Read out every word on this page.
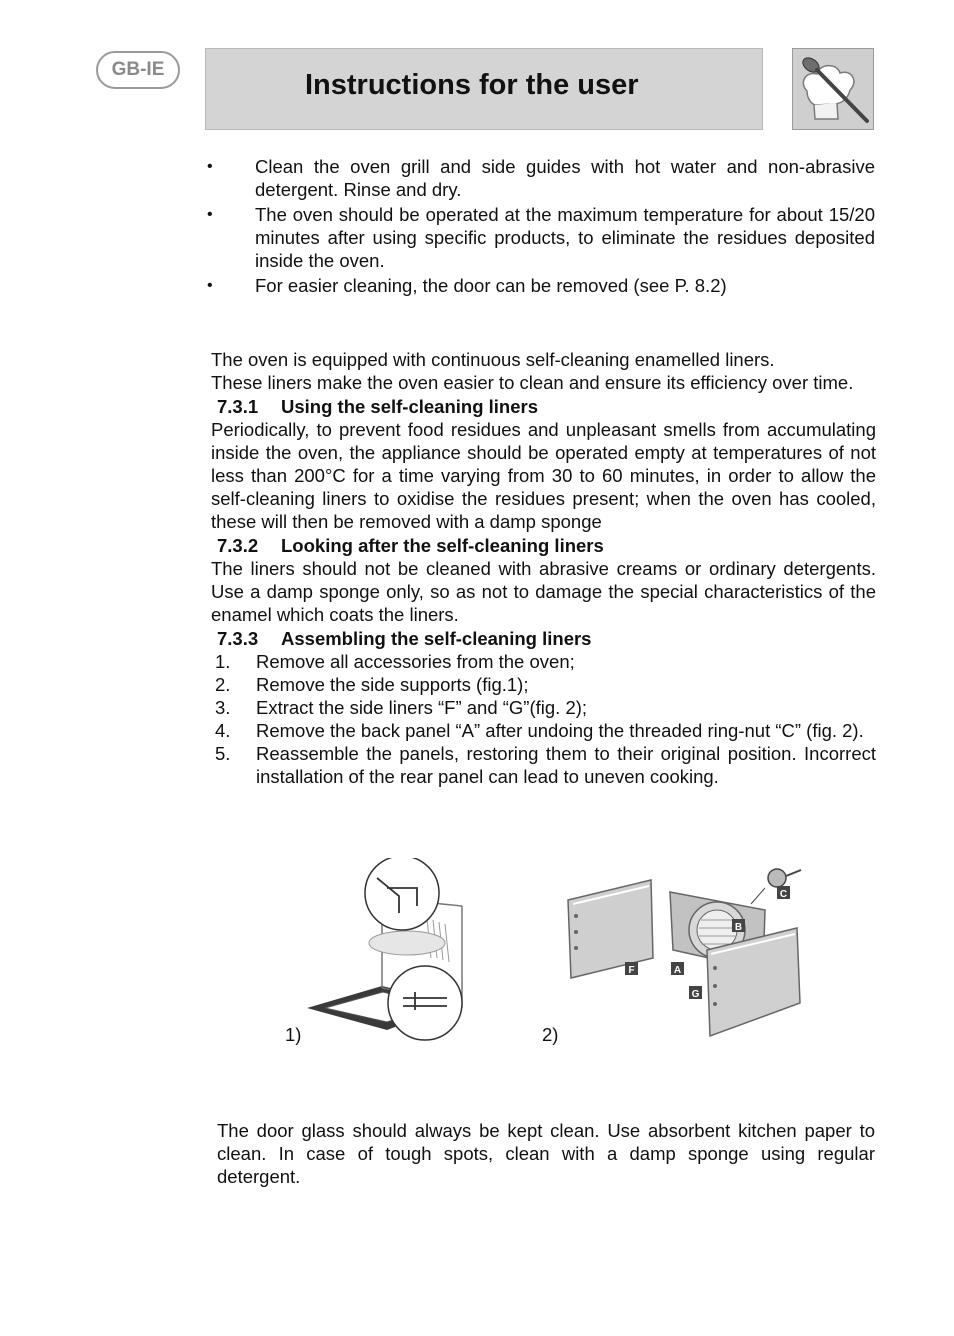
GB-IE	Instructions for the user
• Clean the oven grill and side guides with hot water and non-abrasive detergent. Rinse and dry.
• The oven should be operated at the maximum temperature for about 15/20 minutes after using specific products, to eliminate the residues deposited inside the oven.
• For easier cleaning, the door can be removed (see P. 8.2)
The oven is equipped with continuous self-cleaning enamelled liners.
These liners make the oven easier to clean and ensure its efficiency over time.
7.3.1 Using the self-cleaning liners
Periodically, to prevent food residues and unpleasant smells from accumulating inside the oven, the appliance should be operated empty at temperatures of not less than 200°C for a time varying from 30 to 60 minutes, in order to allow the self-cleaning liners to oxidise the residues present; when the oven has cooled, these will then be removed with a damp sponge
7.3.2 Looking after the self-cleaning liners
The liners should not be cleaned with abrasive creams or ordinary detergents. Use a damp sponge only, so as not to damage the special characteristics of the enamel which coats the liners.
7.3.3 Assembling the self-cleaning liners
1. Remove all accessories from the oven;
2. Remove the side supports (fig.1);
3. Extract the side liners “F” and “G”(fig. 2);
4. Remove the back panel “A” after undoing the threaded ring-nut “C” (fig. 2).
5. Reassemble the panels, restoring them to their original position. Incorrect installation of the rear panel can lead to uneven cooking.
1)
F	A
G
B
C
2)
The door glass should always be kept clean. Use absorbent kitchen paper to clean. In case of tough spots, clean with a damp sponge using regular detergent.
